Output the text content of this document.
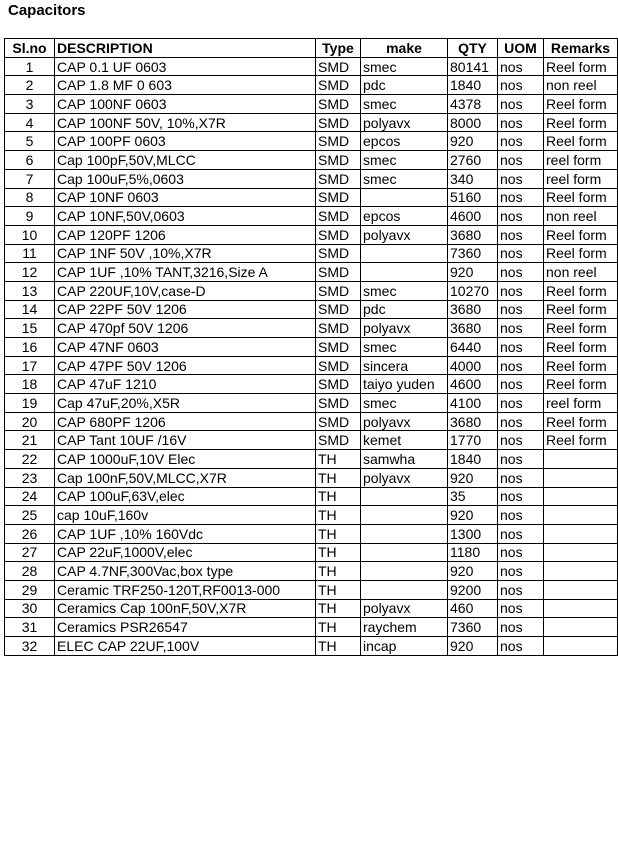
Capacitors
Sl.no	DESCRIPTION	Type	make	QTY	UOM	Remarks
1	CAP 0.1 UF 0603	SMD	smec	80141	nos	Reel form
2	CAP 1.8 MF 0 603	SMD	pdc	1840	nos	non reel
3	CAP 100NF 0603	SMD	smec	4378	nos	Reel form
4	CAP 100NF 50V, 10%,X7R	SMD	polyavx	8000	nos	Reel form
5	CAP 100PF 0603	SMD	epcos	920	nos	Reel form
6	Cap 100pF,50V,MLCC	SMD	smec	2760	nos	reel form
7	Cap 100uF,5%,0603	SMD	smec	340	nos	reel form
8	CAP 10NF 0603	SMD		5160	nos	Reel form
9	CAP 10NF,50V,0603	SMD	epcos	4600	nos	non reel
10	CAP 120PF 1206	SMD	polyavx	3680	nos	Reel form
11	CAP 1NF 50V ,10%,X7R	SMD		7360	nos	Reel form
12	CAP 1UF ,10% TANT,3216,Size A	SMD		920	nos	non reel
13	CAP 220UF,10V,case-D	SMD	smec	10270	nos	Reel form
14	CAP 22PF 50V 1206	SMD	pdc	3680	nos	Reel form
15	CAP 470pf 50V 1206	SMD	polyavx	3680	nos	Reel form
16	CAP 47NF 0603	SMD	smec	6440	nos	Reel form
17	CAP 47PF 50V 1206	SMD	sincera	4000	nos	Reel form
18	CAP 47uF 1210	SMD	taiyo yuden	4600	nos	Reel form
19	Cap 47uF,20%,X5R	SMD	smec	4100	nos	reel form
20	CAP 680PF 1206	SMD	polyavx	3680	nos	Reel form
21	CAP Tant 10UF /16V	SMD	kemet	1770	nos	Reel form
22	CAP 1000uF,10V Elec	TH	samwha	1840	nos	
23	Cap 100nF,50V,MLCC,X7R	TH	polyavx	920	nos	
24	CAP 100uF,63V,elec	TH		35	nos	
25	cap 10uF,160v	TH		920	nos	
26	CAP 1UF ,10% 160Vdc	TH		1300	nos	
27	CAP 22uF,1000V,elec	TH		1180	nos	
28	CAP 4.7NF,300Vac,box type	TH		920	nos	
29	Ceramic TRF250-120T,RF0013-000	TH		9200	nos	
30	Ceramics Cap 100nF,50V,X7R	TH	polyavx	460	nos	
31	Ceramics PSR26547	TH	raychem	7360	nos	
32	ELEC CAP 22UF,100V	TH	incap	920	nos	
